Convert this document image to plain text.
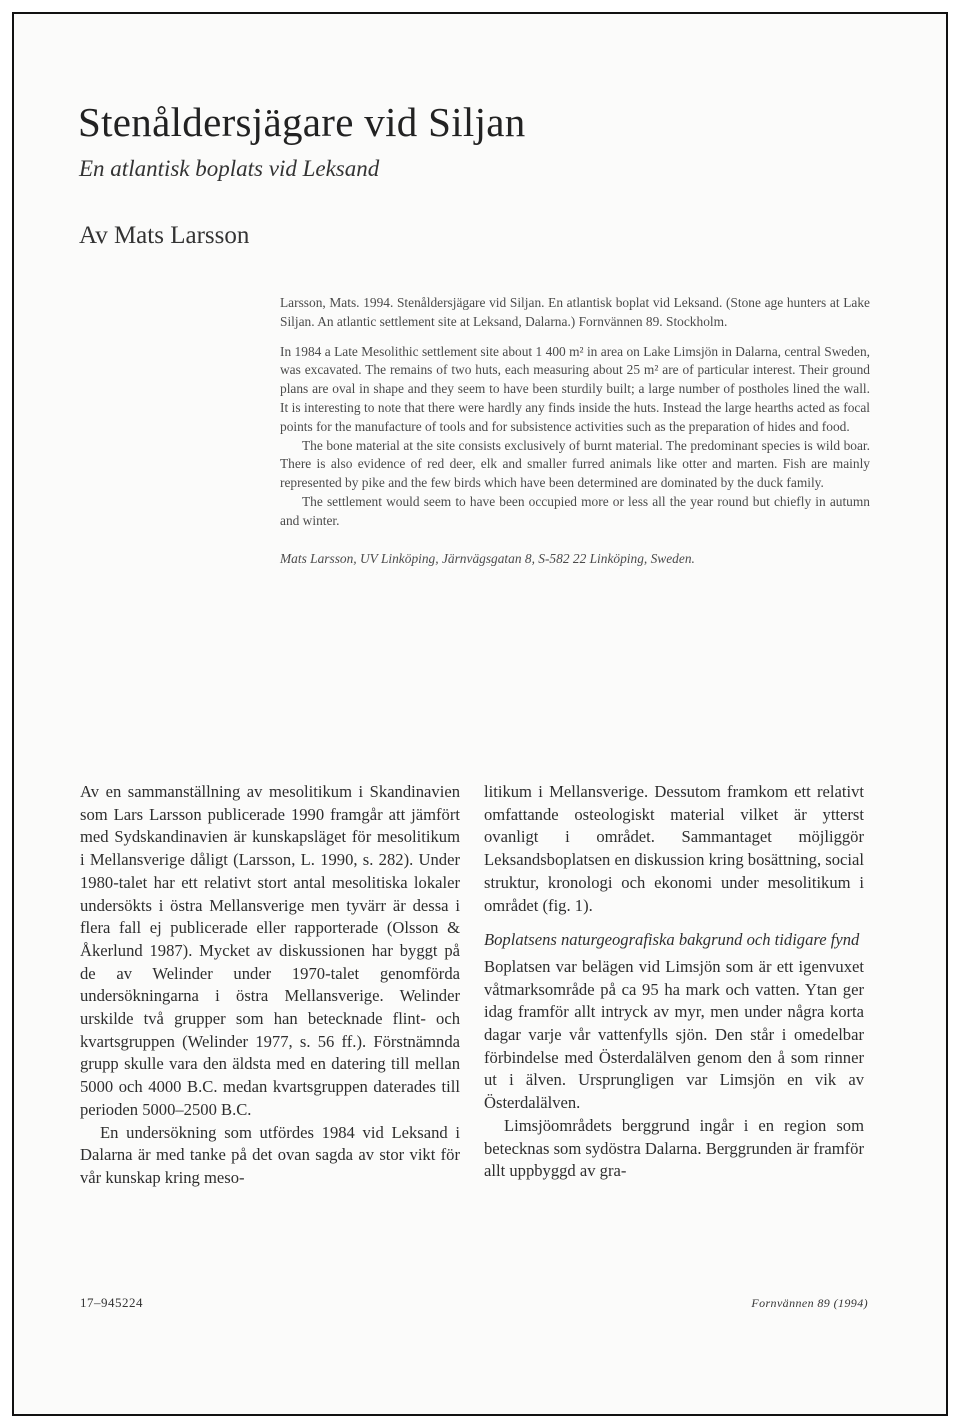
Stenåldersjägare vid Siljan
En atlantisk boplats vid Leksand
Av Mats Larsson

Larsson, Mats. 1994. Stenåldersjägare vid Siljan. En atlantisk boplat vid Leksand. (Stone age hunters at Lake Siljan. An atlantic settlement site at Leksand, Dalarna.) Fornvännen 89. Stockholm.

In 1984 a Late Mesolithic settlement site about 1 400 m² in area on Lake Limsjön in Dalarna, central Sweden, was excavated. The remains of two huts, each measuring about 25 m² are of particular interest. Their ground plans are oval in shape and they seem to have been sturdily built; a large number of postholes lined the wall. It is interesting to note that there were hardly any finds inside the huts. Instead the large hearths acted as focal points for the manufacture of tools and for subsistence activities such as the preparation of hides and food.

The bone material at the site consists exclusively of burnt material. The predominant species is wild boar. There is also evidence of red deer, elk and smaller furred animals like otter and marten. Fish are mainly represented by pike and the few birds which have been determined are dominated by the duck family.

The settlement would seem to have been occupied more or less all the year round but chiefly in autumn and winter.

Mats Larsson, UV Linköping, Järnvägsgatan 8, S-582 22 Linköping, Sweden.

Av en sammanställning av mesolitikum i Skandinavien som Lars Larsson publicerade 1990 framgår att jämfört med Sydskandinavien är kunskapsläget för mesolitikum i Mellansverige dåligt (Larsson, L. 1990, s. 282). Under 1980-talet har ett relativt stort antal mesolitiska lokaler undersökts i östra Mellansverige men tyvärr är dessa i flera fall ej publicerade eller rapporterade (Olsson & Åkerlund 1987). Mycket av diskussionen har byggt på de av Welinder under 1970-talet genomförda undersökningarna i östra Mellansverige. Welinder urskilde två grupper som han betecknade flint- och kvartsgruppen (Welinder 1977, s. 56 ff.). Förstnämnda grupp skulle vara den äldsta med en datering till mellan 5000 och 4000 B.C. medan kvartsgruppen daterades till perioden 5000–2500 B.C.

En undersökning som utfördes 1984 vid Leksand i Dalarna är med tanke på det ovan sagda av stor vikt för vår kunskap kring meso-

litikum i Mellansverige. Dessutom framkom ett relativt omfattande osteologiskt material vilket är ytterst ovanligt i området. Sammantaget möjliggör Leksandsboplatsen en diskussion kring bosättning, social struktur, kronologi och ekonomi under mesolitikum i området (fig. 1).

Boplatsens naturgeografiska bakgrund och tidigare fynd

Boplatsen var belägen vid Limsjön som är ett igenvuxet våtmarksområde på ca 95 ha mark och vatten. Ytan ger idag framför allt intryck av myr, men under några korta dagar varje vår vattenfylls sjön. Den står i omedelbar förbindelse med Österdalälven genom den å som rinner ut i älven. Ursprungligen var Limsjön en vik av Österdalälven.

Limsjöområdets berggrund ingår i en region som betecknas som sydöstra Dalarna. Berggrunden är framför allt uppbyggd av gra-

17–945224	Fornvännen 89 (1994)
